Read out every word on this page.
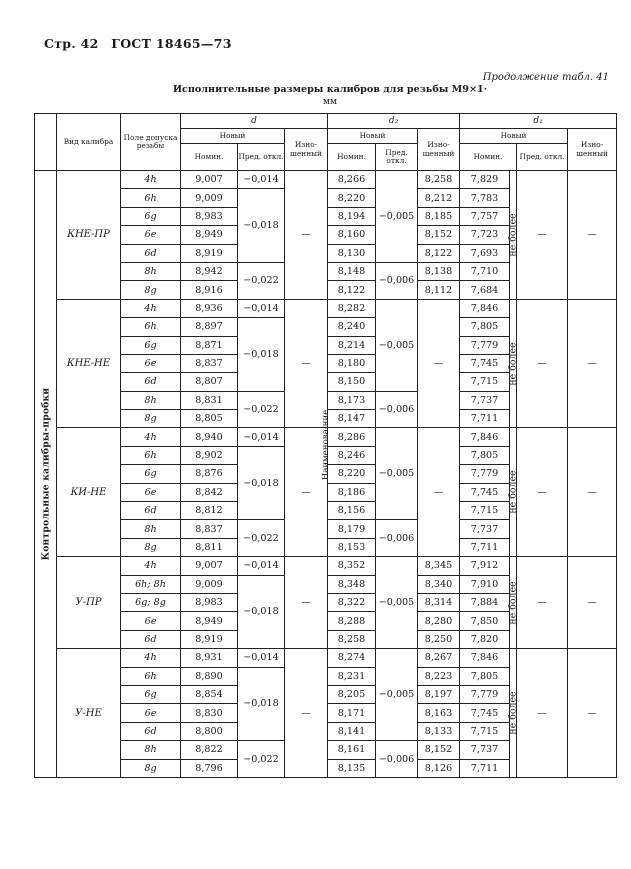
Стр. 42 ГОСТ 18465—73
Продолжение табл. 41
Исполнительные размеры калибров для резьбы M9×1·
мм
Наименова-ние	Вид калибра	Поле допуска резьбы	d			d₂			d₁			
			Новый		Изно-шенный	Новый		Изно-шенный	Новый			Изно-шенный
			Номин.	Пред. откл.		Номин.	Пред. откл.		Номин.		Пред. откл.	

Контрольные калибры-пробки	КНЕ-ПР	4h	9,007	−0,014	—	8,266	−0,005	8,258	7,829	не более	—	—
		6h	9,009	−0,018		8,220		8,212	7,783			
		6g	8,983			8,194		8,185	7,757			
		6e	8,949			8,160		8,152	7,723			
		6d	8,919			8,130		8,122	7,693			
		8h	8,942	−0,022		8,148	−0,006	8,138	7,710			
		8g	8,916			8,122		8,112	7,684			
	КНЕ-НЕ	4h	8,936	−0,014	—	8,282	−0,005	—	7,846	не более	—	—
		6h	8,897	−0,018		8,240			7,805			
		6g	8,871			8,214			7,779			
		6e	8,837			8,180			7,745			
		6d	8,807			8,150			7,715			
		8h	8,831	−0,022		8,173	−0,006		7,737			
		8g	8,805			8,147			7,711			
	КИ-НЕ	4h	8,940	−0,014	—	8,286	−0,005	—	7,846	не более	—	—
		6h	8,902	−0,018		8,246			7,805			
		6g	8,876			8,220			7,779			
		6e	8,842			8,186			7,745			
		6d	8,812			8,156			7,715			
		8h	8,837	−0,022		8,179	−0,006		7,737			
		8g	8,811			8,153			7,711			
	У-ПР	4h	9,007	−0,014	—	8,352	−0,005	8,345	7,912	не более	—	—
		6h; 8h	9,009	−0,018		8,348		8,340	7,910			
		6g; 8g	8,983			8,322		8,314	7,884			
		6e	8,949			8,288		8,280	7,850			
		6d	8,919			8,258		8,250	7,820			
	У-НЕ	4h	8,931	−0,014	—	8,274	−0,005	8,267	7,846	не более	—	—
		6h	8,890	−0,018		8,231		8,223	7,805			
		6g	8,854			8,205		8,197	7,779			
		6e	8,830			8,171		8,163	7,745			
		6d	8,800			8,141		8,133	7,715			
		8h	8,822	−0,022		8,161	−0,006	8,152	7,737			
		8g	8,796			8,135		8,126	7,711			
